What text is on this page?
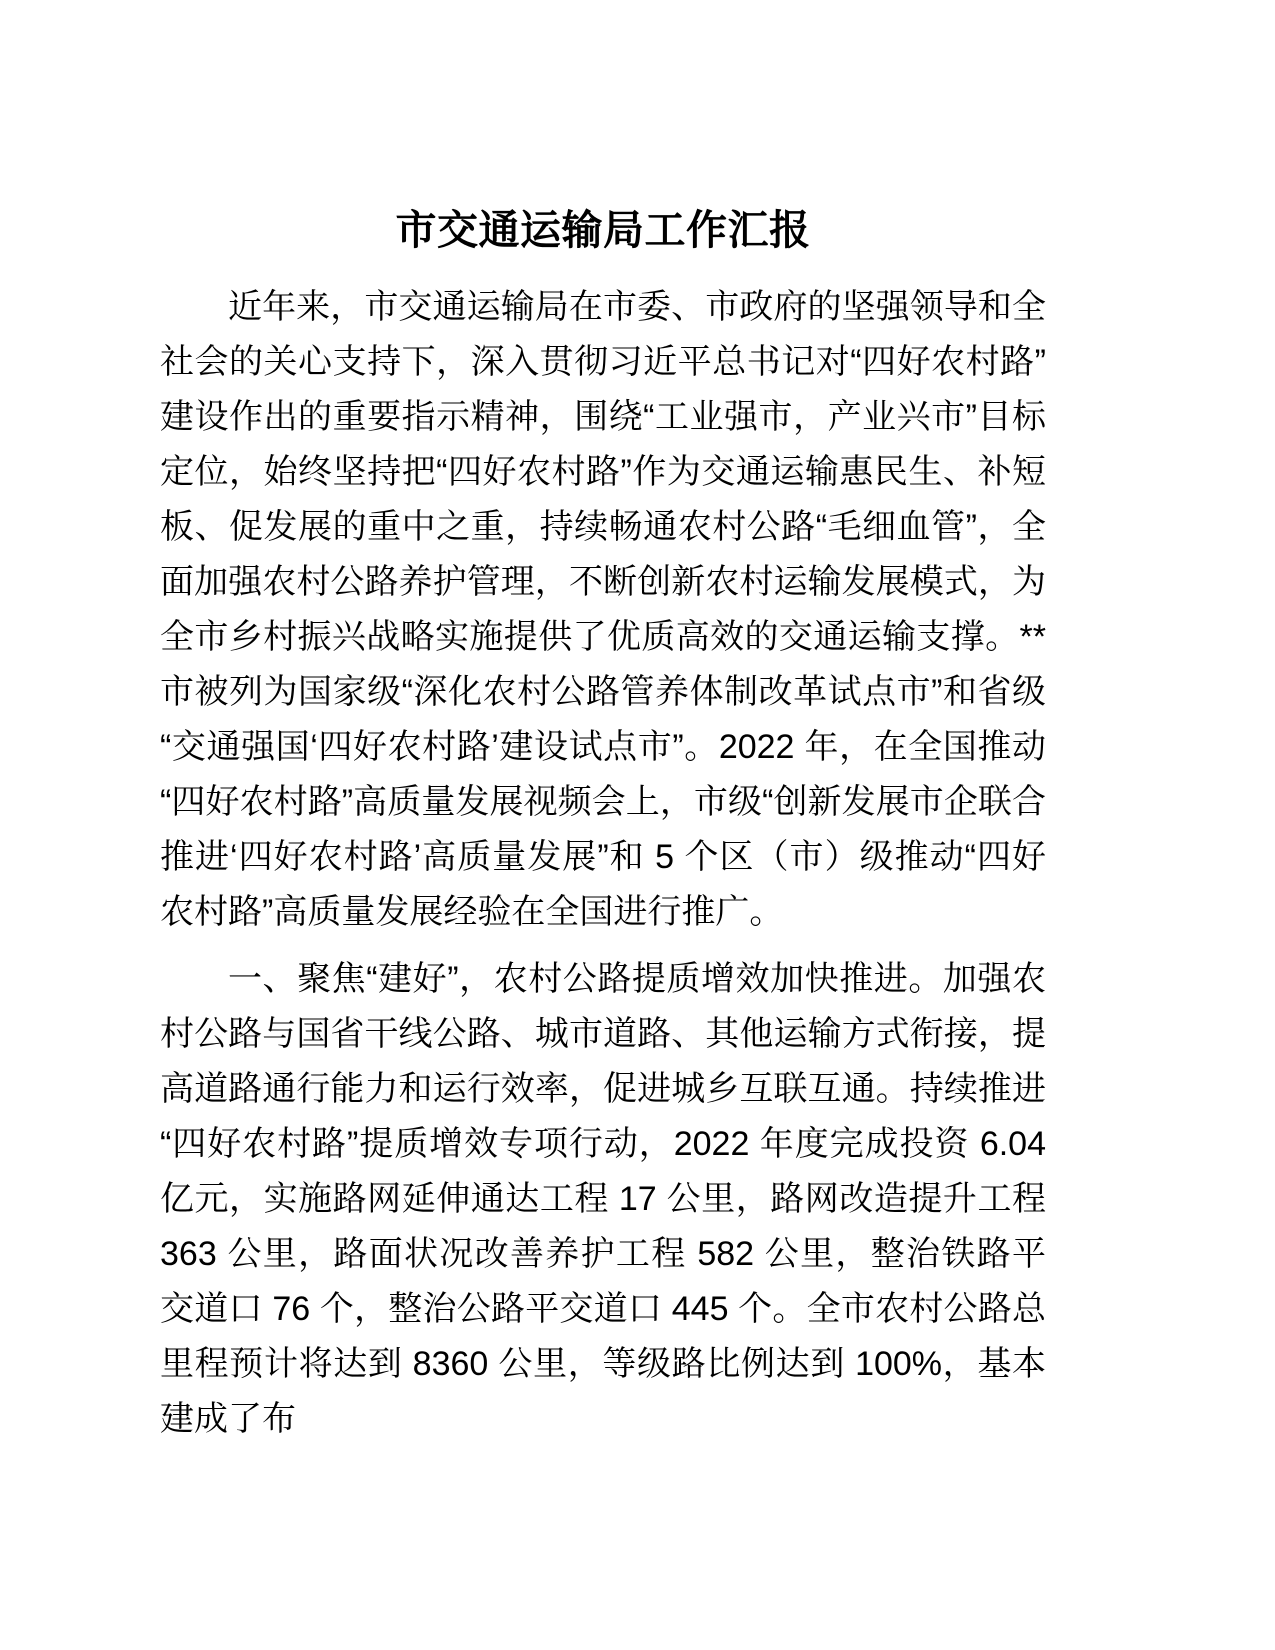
市交通运输局工作汇报

近年来，市交通运输局在市委、市政府的坚强领导和全社会的关心支持下，深入贯彻习近平总书记对“四好农村路”建设作出的重要指示精神，围绕“工业强市，产业兴市”目标定位，始终坚持把“四好农村路”作为交通运输惠民生、补短板、促发展的重中之重，持续畅通农村公路“毛细血管”，全面加强农村公路养护管理，不断创新农村运输发展模式，为全市乡村振兴战略实施提供了优质高效的交通运输支撑。**市被列为国家级“深化农村公路管养体制改革试点市”和省级“交通强国‘四好农村路’建设试点市”。2022 年，在全国推动“四好农村路”高质量发展视频会上，市级“创新发展市企联合推进‘四好农村路’高质量发展”和 5 个区（市）级推动“四好农村路”高质量发展经验在全国进行推广。

一、聚焦“建好”，农村公路提质增效加快推进。加强农村公路与国省干线公路、城市道路、其他运输方式衔接，提高道路通行能力和运行效率，促进城乡互联互通。持续推进“四好农村路”提质增效专项行动，2022 年度完成投资 6.04 亿元，实施路网延伸通达工程 17 公里，路网改造提升工程 363 公里，路面状况改善养护工程 582 公里，整治铁路平交道口 76 个，整治公路平交道口 445 个。全市农村公路总里程预计将达到 8360 公里，等级路比例达到 100%，基本建成了布
